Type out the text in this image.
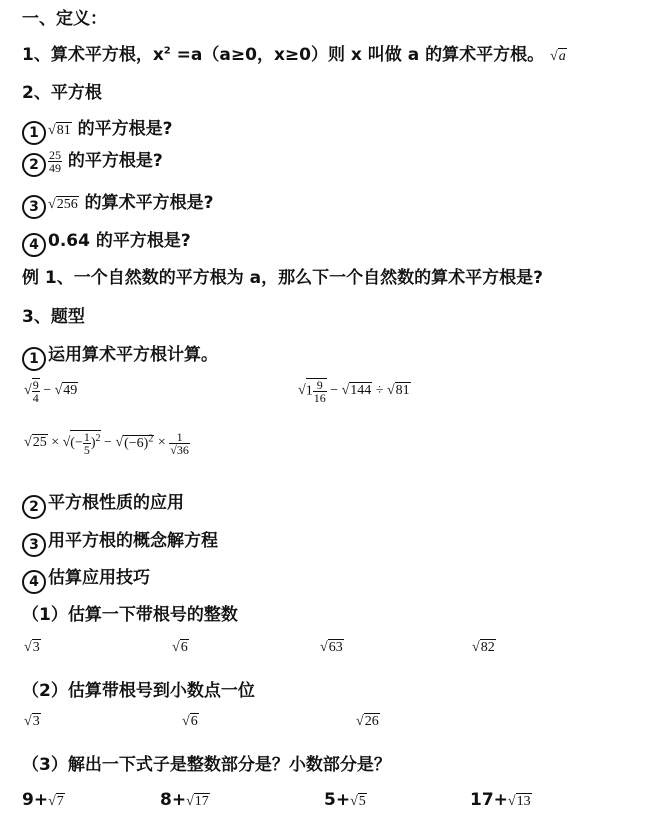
一、定义：
1、算术平方根，$x^2 =a(a\ge 0$，x≥0）则 x 叫做 a 的算术平方根。 √a
2、平方根
1 √81 的平方根是?
$2 \frac{25}{49}$ 的平方根是?
3 √256 的算术平方根是?
4 0.64 的平方根是?
例 1、一个自然数的平方根为 a，那么下一个自然数的算术平方根是?
3、题型
1 运用算术平方根计算。
√ $\frac{9}{4} - √49$	$√1 \frac{9}{16} - √144 \div √81$
√25 × √(− $\frac{1}{5} )^2 - √(-6)^2 \times \frac{1}{√36}$
2 平方根性质的应用
3 用平方根的概念解方程
4 估算应用技巧
（1）估算一下带根号的整数
√3	√6	√63	√82
（2）估算带根号到小数点一位
√3	√6	√26
（3）解出一下式子是整数部分是？小数部分是？
9+√7	8+√17	5+√5	17+√13
